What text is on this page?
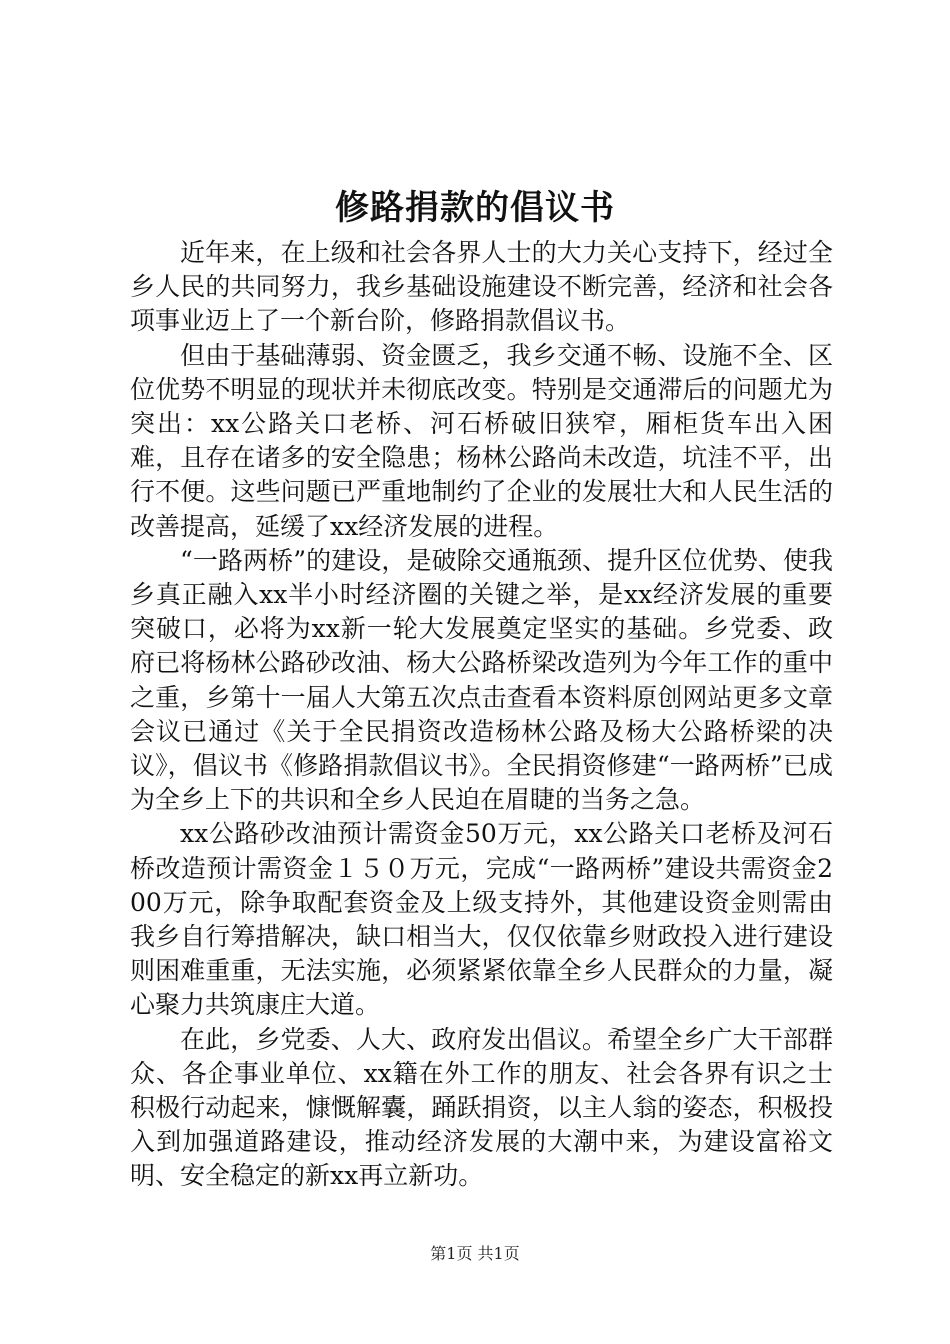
修路捐款的倡议书

近年来，在上级和社会各界人士的大力关心支持下，经过全乡人民的共同努力，我乡基础设施建设不断完善，经济和社会各项事业迈上了一个新台阶，修路捐款倡议书。

但由于基础薄弱、资金匮乏，我乡交通不畅、设施不全、区位优势不明显的现状并未彻底改变。特别是交通滞后的问题尤为突出：xx公路关口老桥、河石桥破旧狭窄，厢柜货车出入困难，且存在诸多的安全隐患；杨林公路尚未改造，坑洼不平，出行不便。这些问题已严重地制约了企业的发展壮大和人民生活的改善提高，延缓了xx经济发展的进程。

“一路两桥”的建设，是破除交通瓶颈、提升区位优势、使我乡真正融入xx半小时经济圈的关键之举，是xx经济发展的重要突破口，必将为xx新一轮大发展奠定坚实的基础。乡党委、政府已将杨林公路砂改油、杨大公路桥梁改造列为今年工作的重中之重，乡第十一届人大第五次点击查看本资料原创网站更多文章会议已通过《关于全民捐资改造杨林公路及杨大公路桥梁的决议》，倡议书《修路捐款倡议书》。全民捐资修建“一路两桥”已成为全乡上下的共识和全乡人民迫在眉睫的当务之急。

xx公路砂改油预计需资金50万元，xx公路关口老桥及河石桥改造预计需资金１５０万元，完成“一路两桥”建设共需资金200万元，除争取配套资金及上级支持外，其他建设资金则需由我乡自行筹措解决，缺口相当大，仅仅依靠乡财政投入进行建设则困难重重，无法实施，必须紧紧依靠全乡人民群众的力量，凝心聚力共筑康庄大道。

在此，乡党委、人大、政府发出倡议。希望全乡广大干部群众、各企事业单位、xx籍在外工作的朋友、社会各界有识之士积极行动起来，慷慨解囊，踊跃捐资，以主人翁的姿态，积极投入到加强道路建设，推动经济发展的大潮中来，为建设富裕文明、安全稳定的新xx再立新功。

第1页 共1页
